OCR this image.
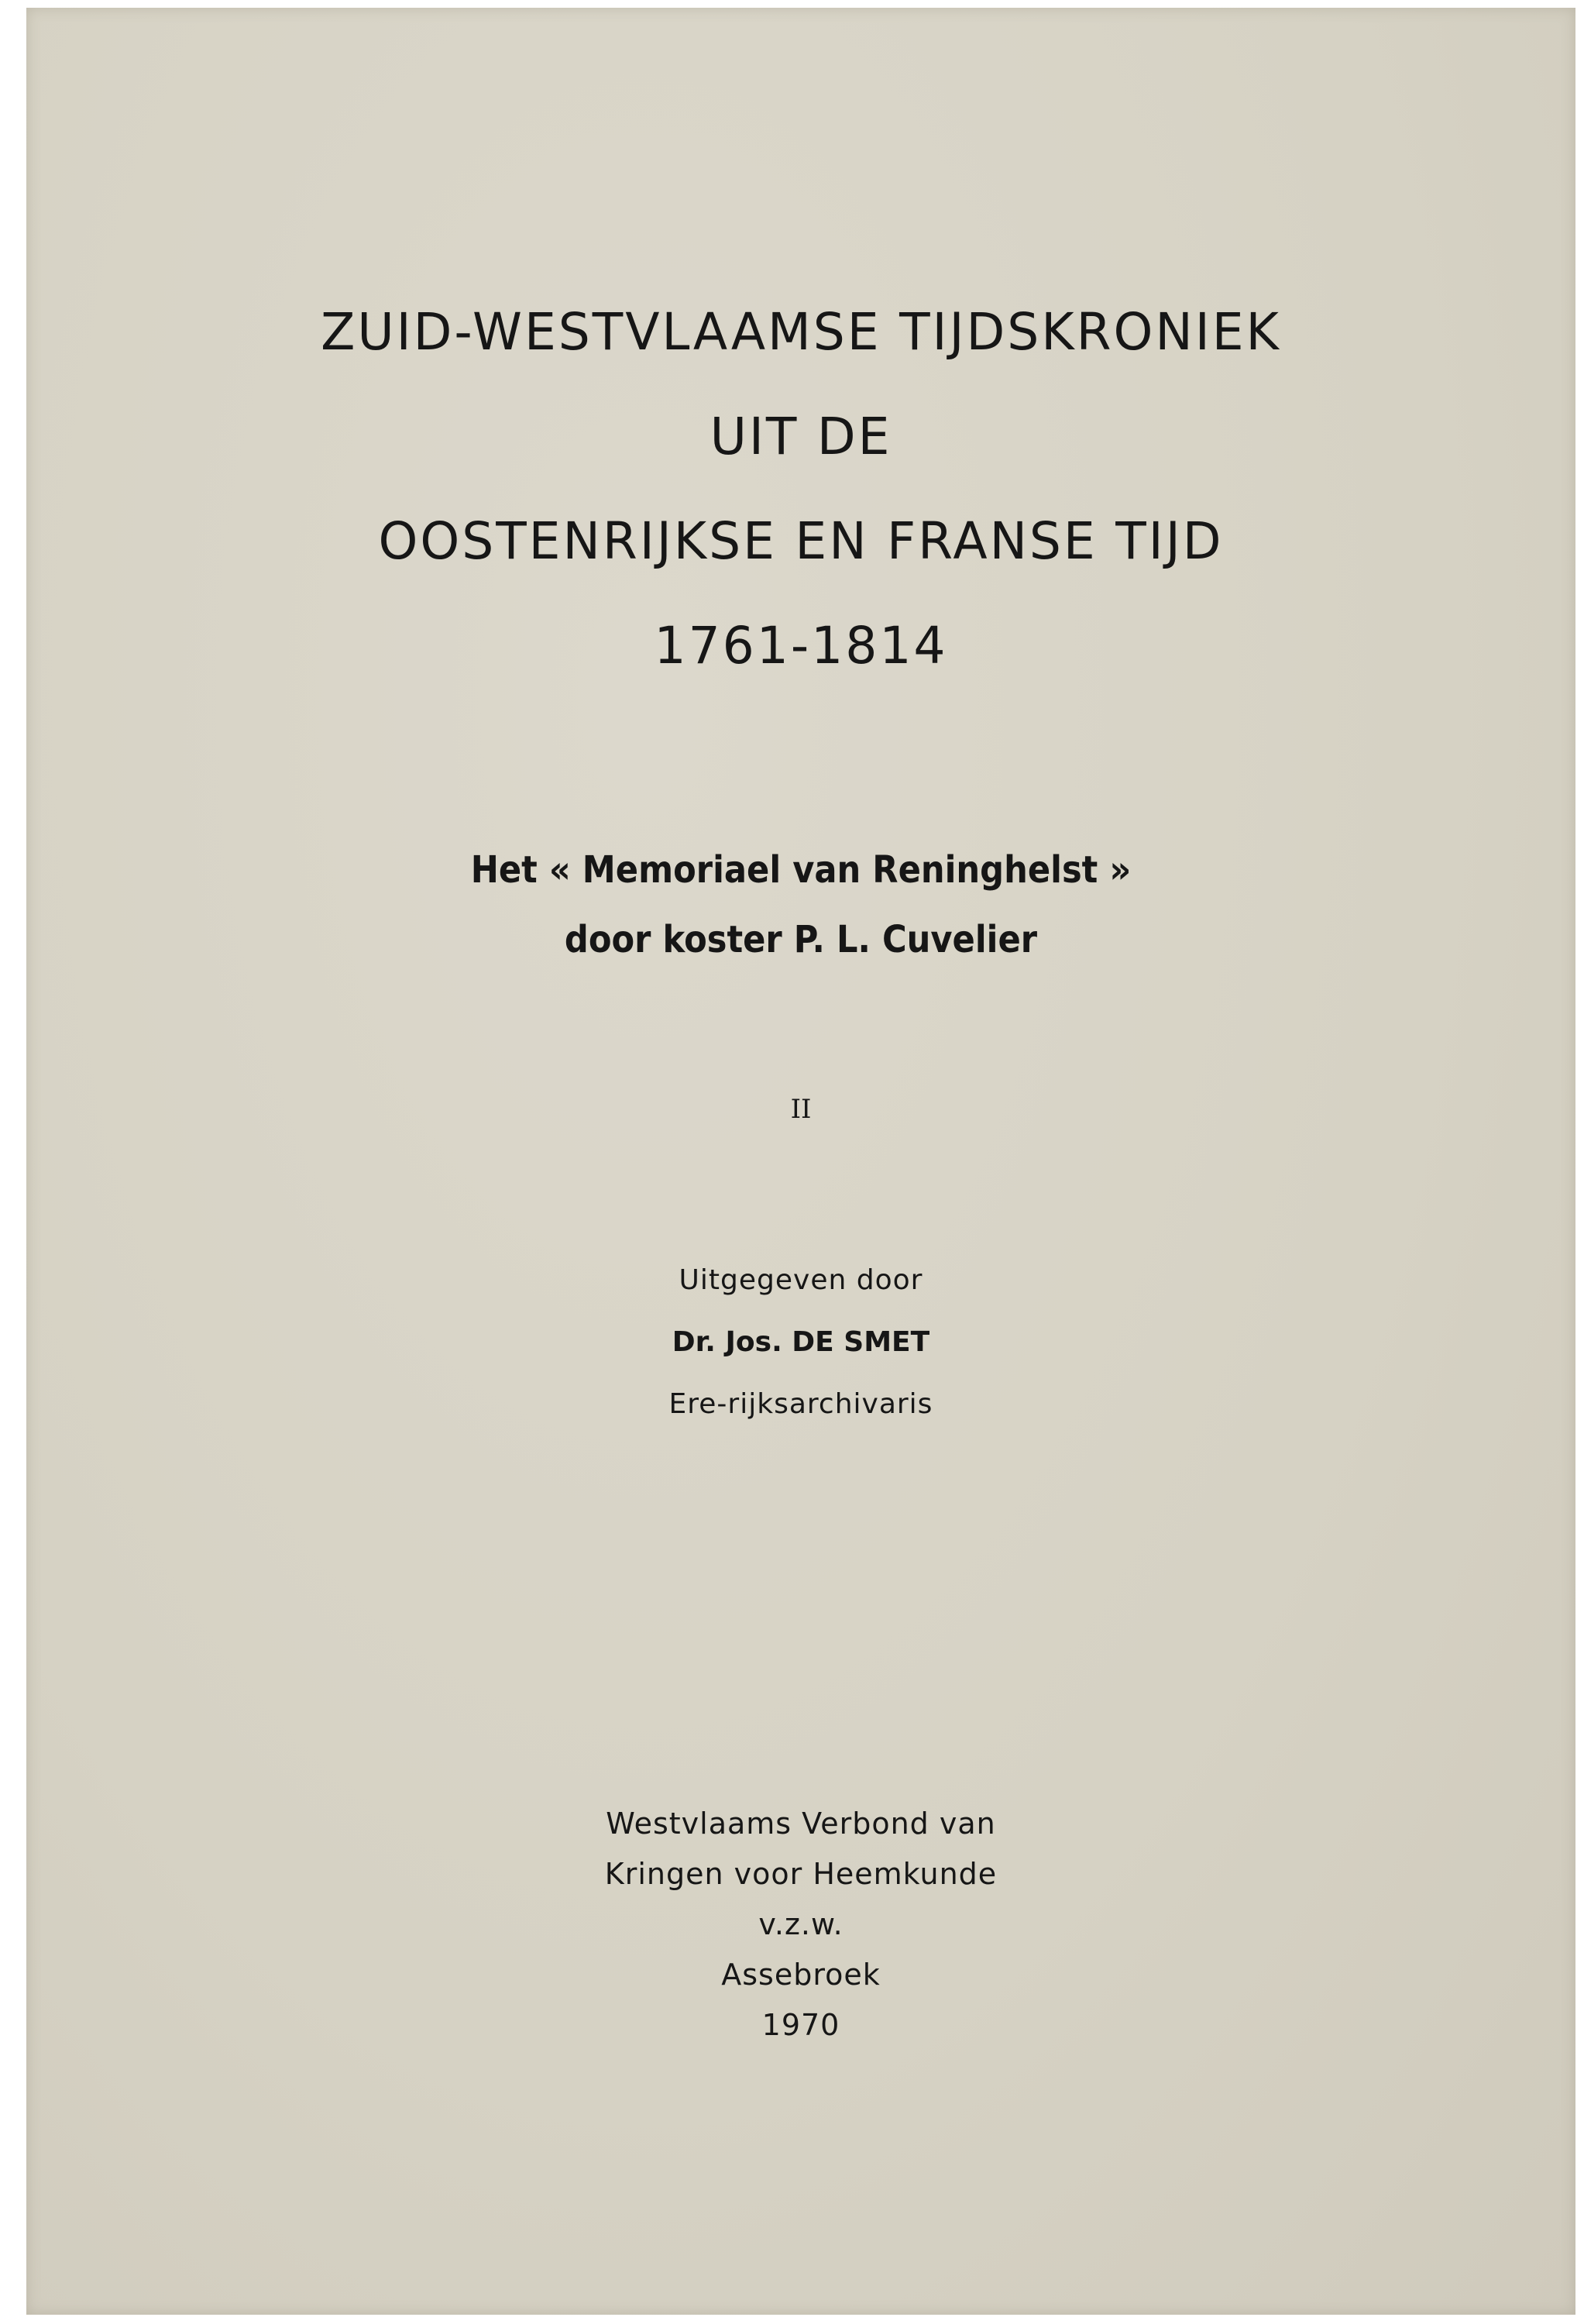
ZUID-WESTVLAAMSE TIJDSKRONIEK
UIT DE
OOSTENRIJKSE EN FRANSE TIJD
1761-1814
Het « Memoriael van Reninghelst »
door koster P. L. Cuvelier
II
Uitgegeven door
Dr. Jos. DE SMET
Ere-rijksarchivaris
Westvlaams Verbond van
Kringen voor Heemkunde
v.z.w.
Assebroek
1970
